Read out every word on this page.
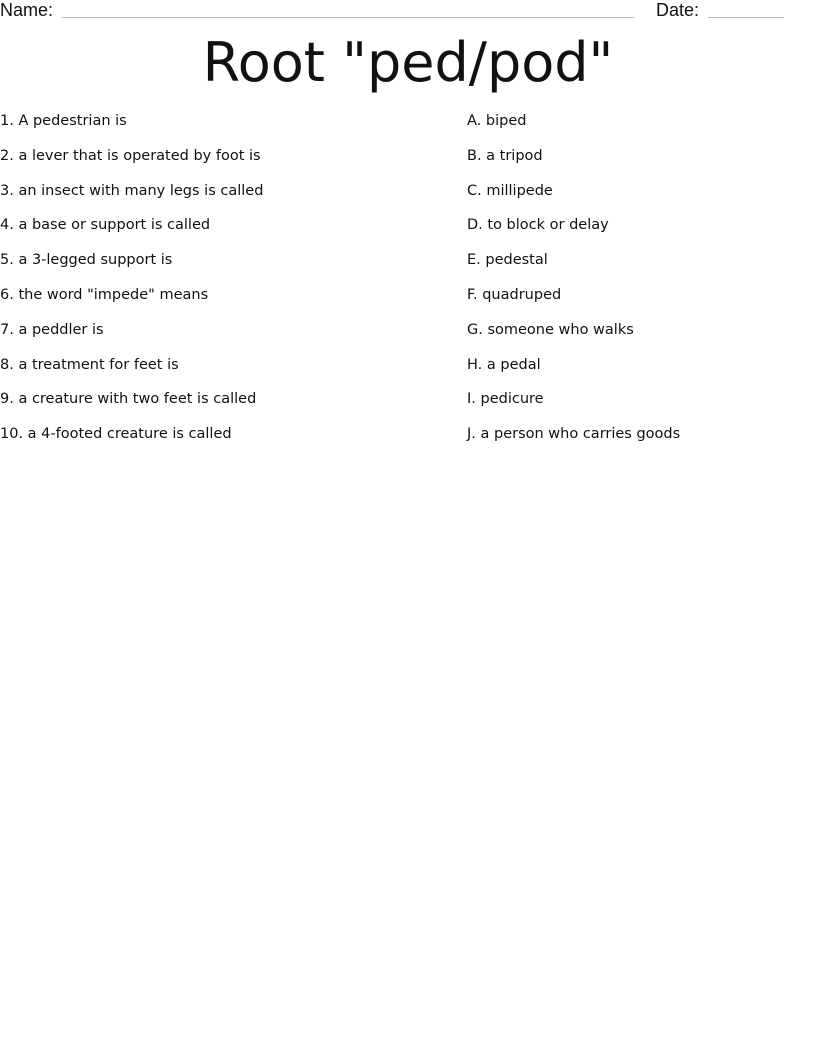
Name:	Date:
Root "ped/pod"
1. A pedestrian is
2. a lever that is operated by foot is
3. an insect with many legs is called
4. a base or support is called
5. a 3-legged support is
6. the word "impede" means
7. a peddler is
8. a treatment for feet is
9. a creature with two feet is called
10. a 4-footed creature is called
A. biped
B. a tripod
C. millipede
D. to block or delay
E. pedestal
F. quadruped
G. someone who walks
H. a pedal
I. pedicure
J. a person who carries goods
